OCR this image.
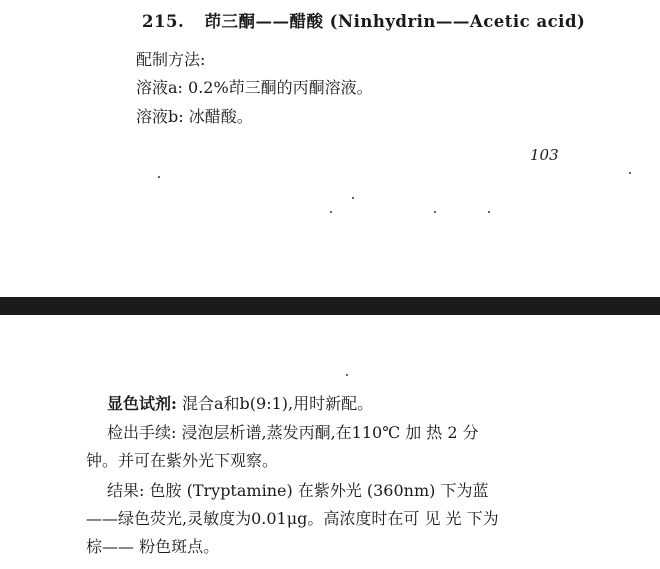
215. 茚三酮——醋酸 (Ninhydrin——Acetic acid)
配制方法:
溶液a: 0.2%茚三酮的丙酮溶液。
溶液b: 冰醋酸。
103
显色试剂: 混合a和b(9:1),用时新配。
检出手续: 浸泡层析谱,蒸发丙酮,在110℃ 加 热 2 分
钟。并可在紫外光下观察。
结果: 色胺 (Tryptamine) 在紫外光 (360nm) 下为蓝
——绿色荧光,灵敏度为0.01μg。高浓度时在可 见 光 下为
棕—— 粉色斑点。
